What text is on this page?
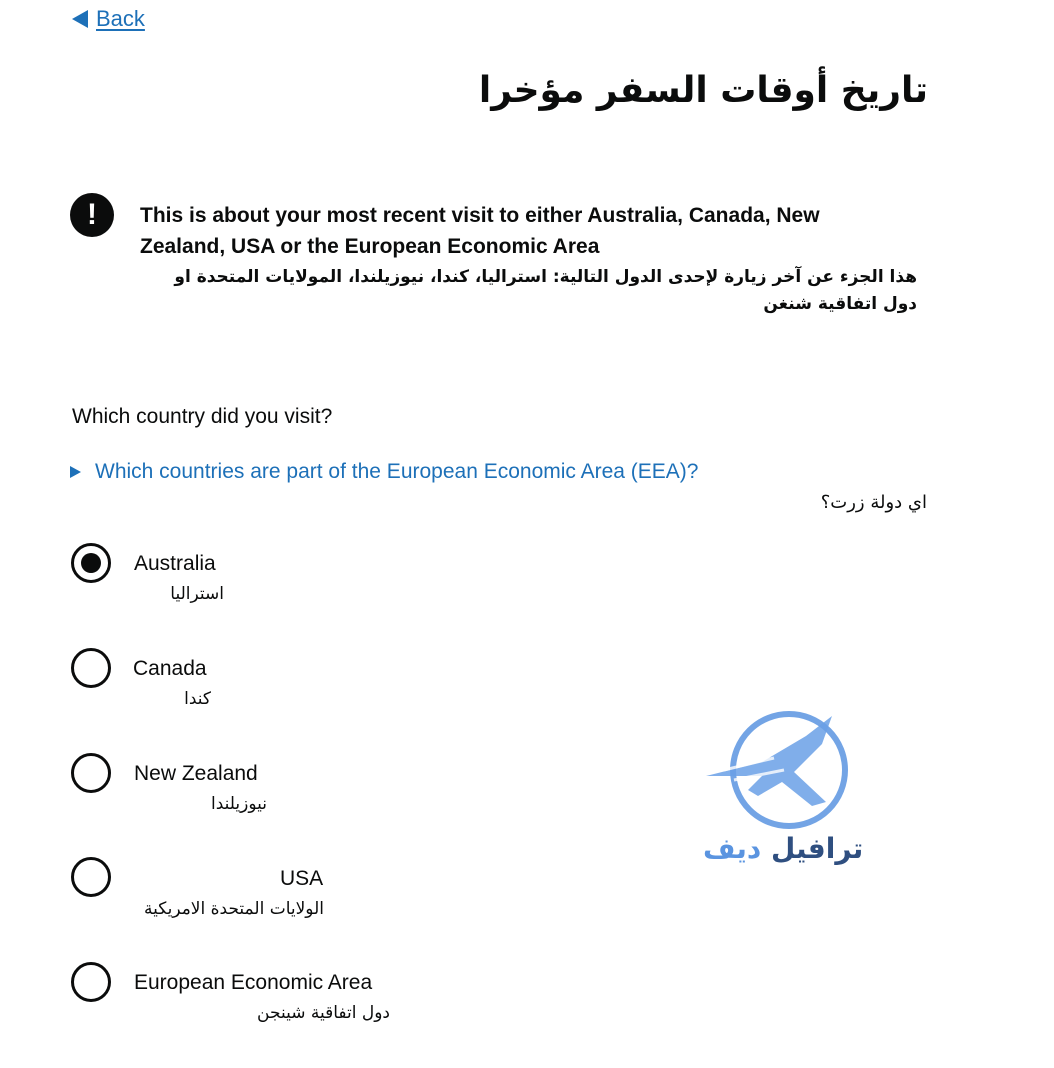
Back
تاريخ أوقات السفر مؤخرا
!	This is about your most recent visit to either Australia, Canada, New Zealand, USA or the European Economic Area
هذا الجزء عن آخر زيارة لإحدى الدول التالية: استراليا، كندا، نيوزيلندا، المولايات المتحدة او دول اتفاقية شنغن
Which country did you visit?
Which countries are part of the European Economic Area (EEA)?
اي دولة زرت؟
Australia
استراليا
Canada
كندا
New Zealand
نيوزيلندا
USA
الولايات المتحدة الامريكية
European Economic Area
دول اتفاقية شينجن
ترافيل ديف
